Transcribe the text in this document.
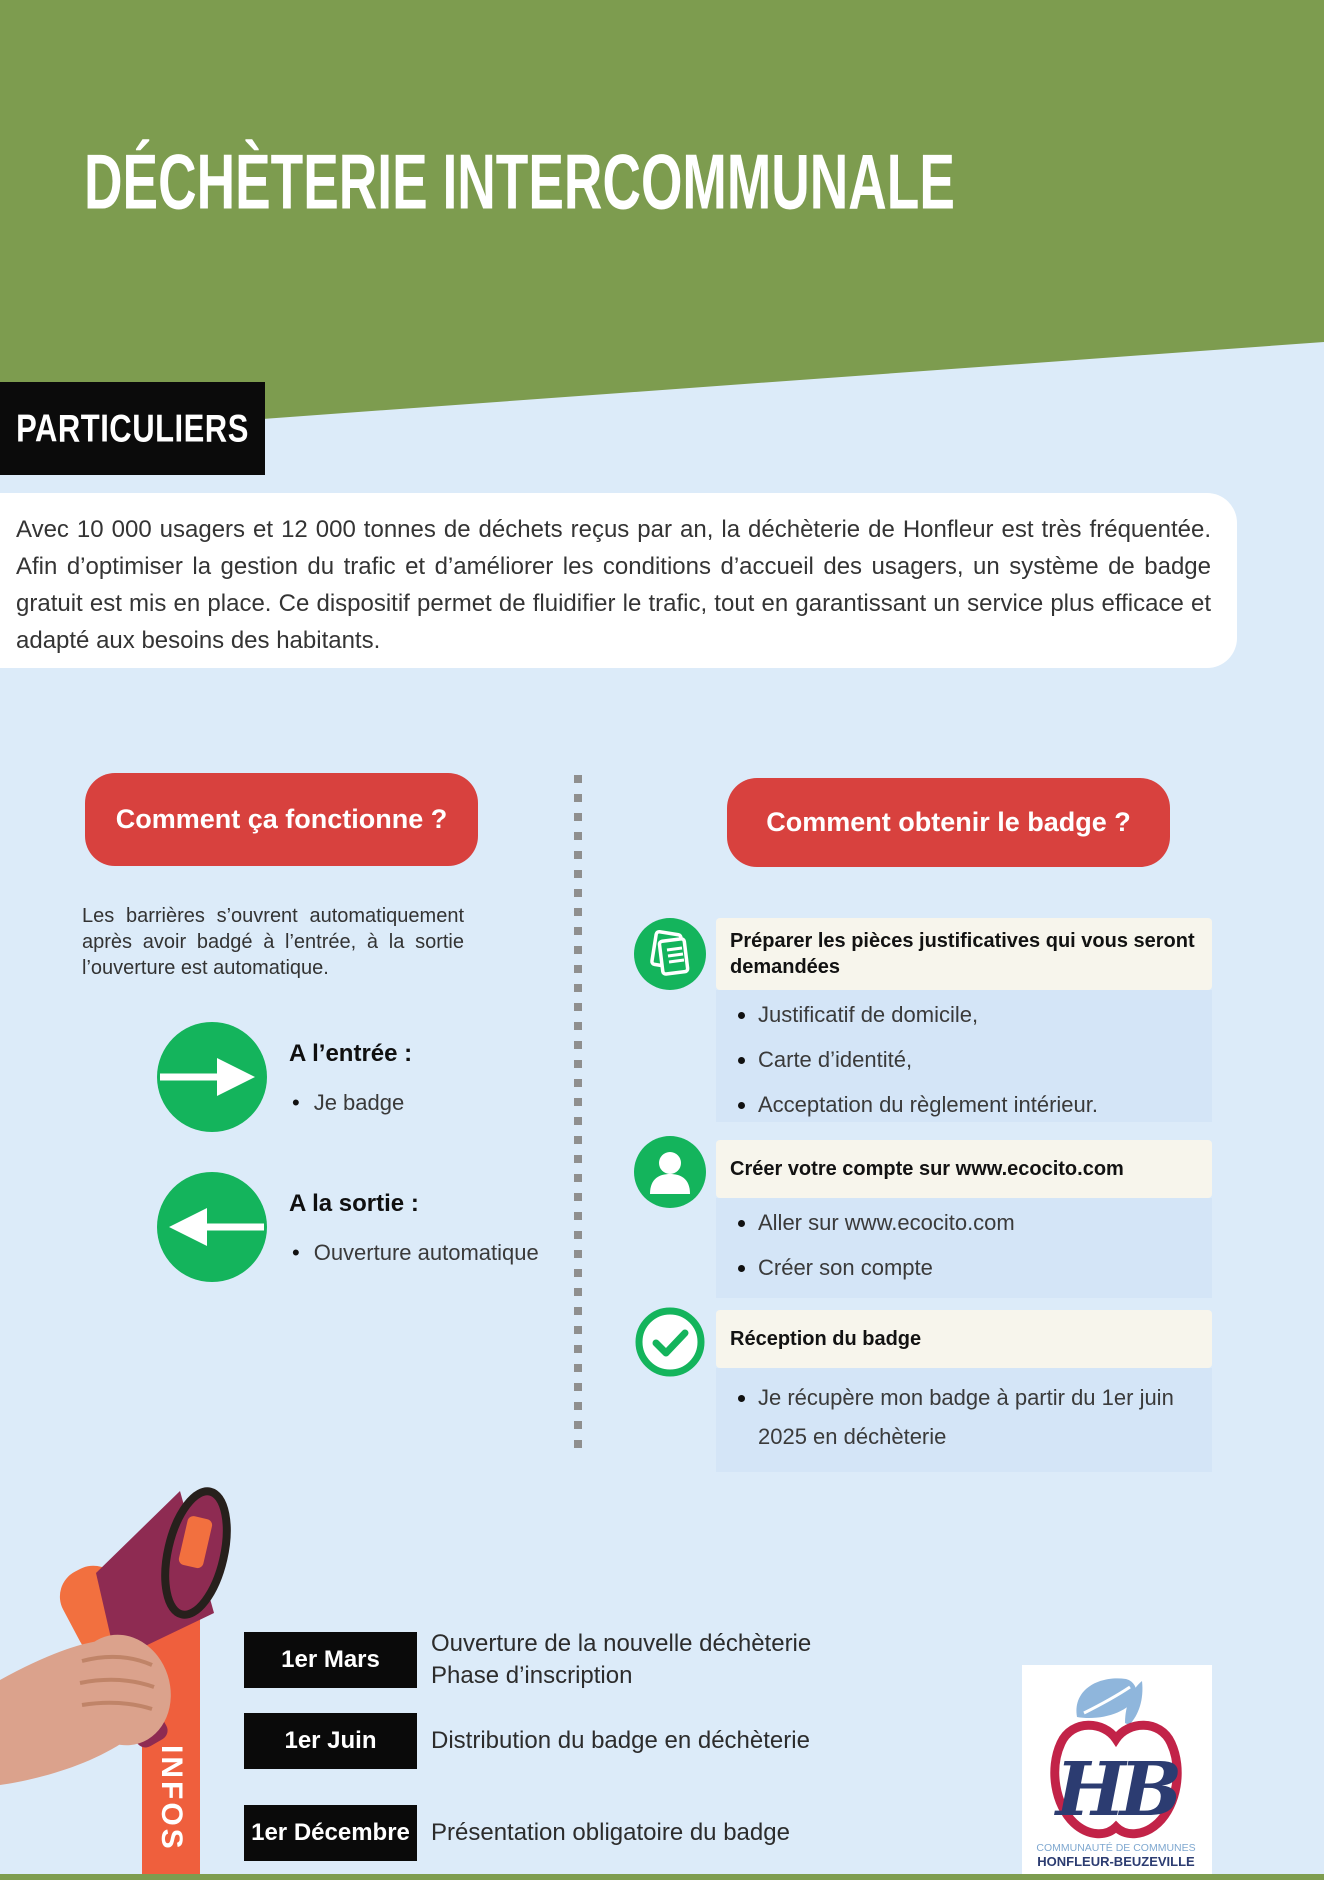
DÉCHÈTERIE INTERCOMMUNALE
PARTICULIERS

Avec 10 000 usagers et 12 000 tonnes de déchets reçus par an, la déchèterie de Honfleur est très fréquentée. Afin d’optimiser la gestion du trafic et d’améliorer les conditions d’accueil des usagers, un système de badge gratuit est mis en place. Ce dispositif permet de fluidifier le trafic, tout en garantissant un service plus efficace et adapté aux besoins des habitants.

Comment ça fonctionne ?
Les barrières s’ouvrent automatiquement après avoir badgé à l’entrée, à la sortie l’ouverture est automatique.
A l’entrée :
• Je badge
A la sortie :
• Ouverture automatique
Comment obtenir le badge ?
Préparer les pièces justificatives qui vous seront demandées
• Justificatif de domicile,
• Carte d’identité,
• Acceptation du règlement intérieur.
Créer votre compte sur www.ecocito.com
• Aller sur www.ecocito.com
• Créer son compte
Réception du badge
• Je récupère mon badge à partir du 1er juin 2025 en déchèterie
INFOS
1er Mars
Ouverture de la nouvelle déchèterie
Phase d’inscription
1er Juin	Distribution du badge en déchèterie
1er Décembre Présentation obligatoire du badge	HB
COMMUNAUTÉ DE COMMUNES
HONFLEUR-BEUZEVILLE
